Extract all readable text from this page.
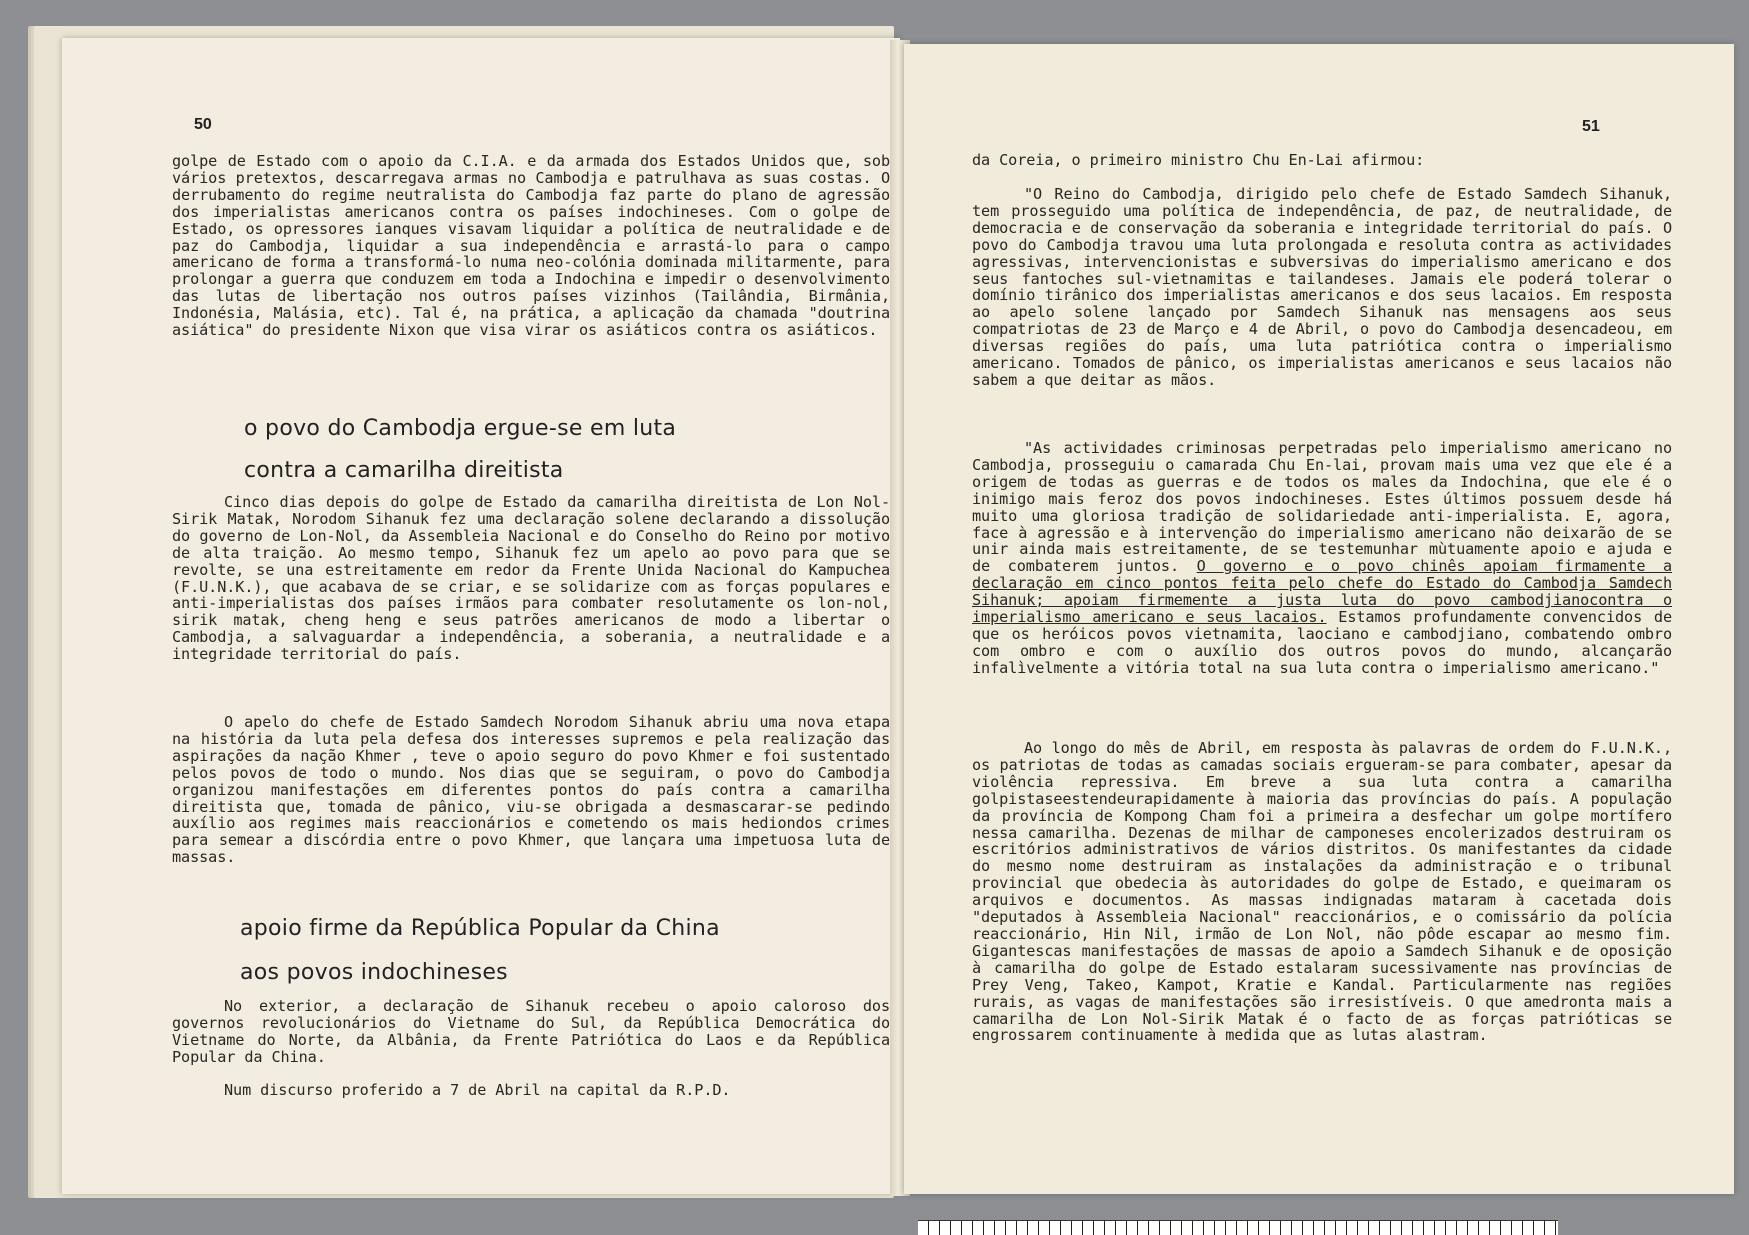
50
golpe de Estado com o apoio da C.I.A. e da armada dos Estados Unidos que, sob vários pretextos, descarregava armas no Cambodja e patrulhava as suas costas. O derrubamento do regime neutralista do Cambodja faz parte do plano de agressão dos imperialistas americanos contra os países indochineses. Com o golpe de Estado, os opressores ianques visavam liquidar a política de neutralidade e de paz do Cambodja, liquidar a sua independência e arrastá-lo para o campo americano de forma a transformá-lo numa neo-colónia dominada militarmente, para prolongar a guerra que conduzem em toda a Indochina e impedir o desenvolvimento das lutas de libertação nos outros países vizinhos (Tailândia, Birmânia, Indonésia, Malásia, etc). Tal é, na prática, a aplicação da chamada "doutrina asiática" do presidente Nixon que visa virar os asiáticos contra os asiáticos.
o povo do Cambodja ergue-se em luta
contra a camarilha direitista
Cinco dias depois do golpe de Estado da camarilha direitista de Lon Nol-Sirik Matak, Norodom Sihanuk fez uma declaração solene declarando a dissolução do governo de Lon-Nol, da Assembleia Nacional e do Conselho do Reino por motivo de alta traição. Ao mesmo tempo, Sihanuk fez um apelo ao povo para que se revolte, se una estreitamente em redor da Frente Unida Nacional do Kampuchea (F.U.N.K.), que acabava de se criar, e se solidarize com as forças populares e anti-imperialistas dos países irmãos para combater resolutamente os lon-nol, sirik matak, cheng heng e seus patrões americanos de modo a libertar o Cambodja, a salvaguardar a independência, a soberania, a neutralidade e a integridade territorial do país.
O apelo do chefe de Estado Samdech Norodom Sihanuk abriu uma nova etapa na história da luta pela defesa dos interesses supremos e pela realização das aspirações da nação Khmer , teve o apoio seguro do povo Khmer e foi sustentado pelos povos de todo o mundo. Nos dias que se seguiram, o povo do Cambodja organizou manifestações em diferentes pontos do país contra a camarilha direitista que, tomada de pânico, viu-se obrigada a desmascarar-se pedindo auxílio aos regimes mais reaccionários e cometendo os mais hediondos crimes para semear a discórdia entre o povo Khmer, que lançara uma impetuosa luta de massas.
apoio firme da República Popular da China
aos povos indochineses
No exterior, a declaração de Sihanuk recebeu o apoio caloroso dos governos revolucionários do Vietname do Sul, da República Democrática do Vietname do Norte, da Albânia, da Frente Patriótica do Laos e da República Popular da China.
Num discurso proferido a 7 de Abril na capital da R.P.D.
51
da Coreia, o primeiro ministro Chu En-Lai afirmou:
"O Reino do Cambodja, dirigido pelo chefe de Estado Samdech Sihanuk, tem prosseguido uma política de independência, de paz, de neutralidade, de democracia e de conservação da soberania e integridade territorial do país. O povo do Cambodja travou uma luta prolongada e resoluta contra as actividades agressivas, intervencionistas e subversivas do imperialismo americano e dos seus fantoches sul-vietnamitas e tailandeses. Jamais ele poderá tolerar o domínio tirânico dos imperialistas americanos e dos seus lacaios. Em resposta ao apelo solene lançado por Samdech Sihanuk nas mensagens aos seus compatriotas de 23 de Março e 4 de Abril, o povo do Cambodja desencadeou, em diversas regiões do país, uma luta patriótica contra o imperialismo americano. Tomados de pânico, os imperialistas americanos e seus lacaios não sabem a que deitar as mãos.
"As actividades criminosas perpetradas pelo imperialismo americano no Cambodja, prosseguiu o camarada Chu En-lai, provam mais uma vez que ele é a origem de todas as guerras e de todos os males da Indochina, que ele é o inimigo mais feroz dos povos indochineses. Estes últimos possuem desde há muito uma gloriosa tradição de solidariedade anti-imperialista. E, agora, face à agressão e à intervenção do imperialismo americano não deixarão de se unir ainda mais estreitamente, de se testemunhar mùtuamente apoio e ajuda e de combaterem juntos. O governo e o povo chinês apoiam firmamente a declaração em cinco pontos feita pelo chefe do Estado do Cambodja Samdech Sihanuk; apoiam firmemente a justa luta do povo cambodjianocontra o imperialismo americano e seus lacaios. Estamos profundamente convencidos de que os heróicos povos vietnamita, laociano e cambodjiano, combatendo ombro com ombro e com o auxílio dos outros povos do mundo, alcançarão infalìvelmente a vitória total na sua luta contra o imperialismo americano."
Ao longo do mês de Abril, em resposta às palavras de ordem do F.U.N.K., os patriotas de todas as camadas sociais ergueram-se para combater, apesar da violência repressiva. Em breve a sua luta contra a camarilha golpistaseestendeurapidamente à maioria das províncias do país. A população da província de Kompong Cham foi a primeira a desfechar um golpe mortífero nessa camarilha. Dezenas de milhar de camponeses encolerizados destruiram os escritórios administrativos de vários distritos. Os manifestantes da cidade do mesmo nome destruiram as instalações da administração e o tribunal provincial que obedecia às autoridades do golpe de Estado, e queimaram os arquivos e documentos. As massas indignadas mataram à cacetada dois "deputados à Assembleia Nacional" reaccionários, e o comissário da polícia reaccionário, Hin Nil, irmão de Lon Nol, não pôde escapar ao mesmo fim. Gigantescas manifestações de massas de apoio a Samdech Sihanuk e de oposição à camarilha do golpe de Estado estalaram sucessivamente nas províncias de Prey Veng, Takeo, Kampot, Kratie e Kandal. Particularmente nas regiões rurais, as vagas de manifestações são irresistíveis. O que amedronta mais a camarilha de Lon Nol-Sirik Matak é o facto de as forças patrióticas se engrossarem continuamente à medida que as lutas alastram.
